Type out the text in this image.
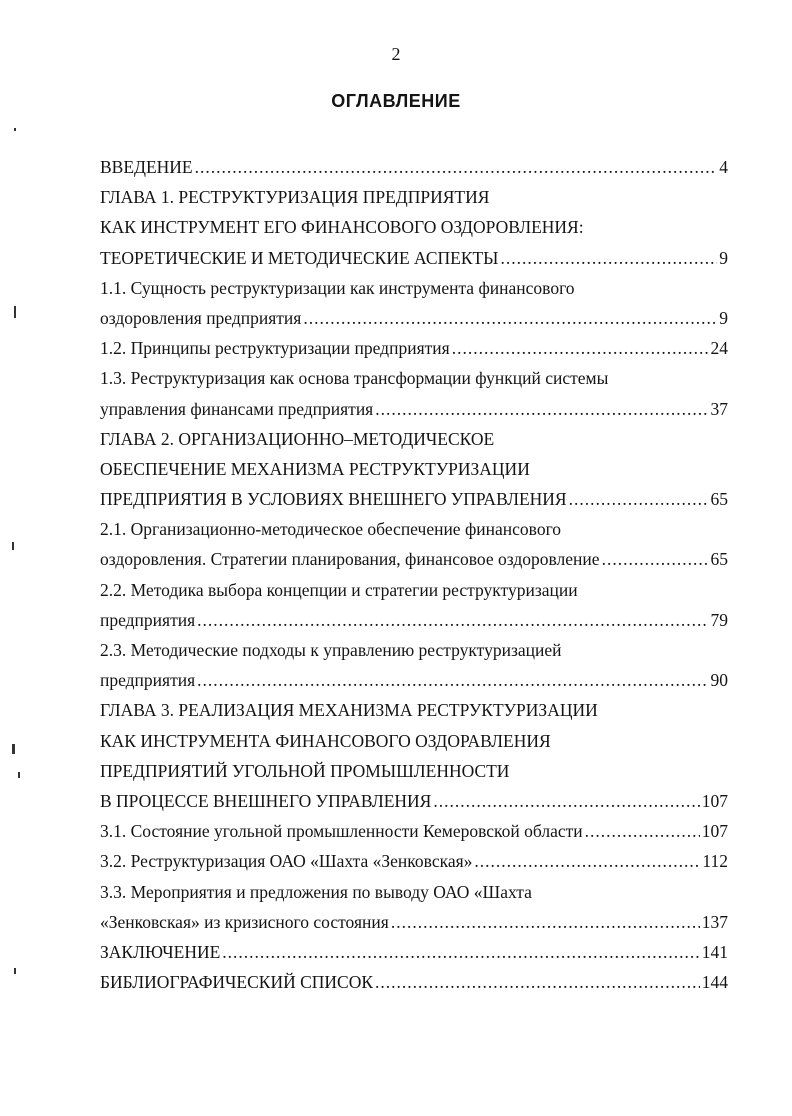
2
ОГЛАВЛЕНИЕ
ВВЕДЕНИЕ .....	4
ГЛАВА 1. РЕСТРУКТУРИЗАЦИЯ ПРЕДПРИЯТИЯ
КАК ИНСТРУМЕНТ ЕГО ФИНАНСОВОГО ОЗДОРОВЛЕНИЯ:
ТЕОРЕТИЧЕСКИЕ И МЕТОДИЧЕСКИЕ АСПЕКТЫ .....	9
1.1. Сущность реструктуризации как инструмента финансового
оздоровления предприятия .....	9
1.2. Принципы реструктуризации предприятия .....	24
1.3. Реструктуризация как основа трансформации функций системы
управления финансами предприятия .....	37
ГЛАВА 2. ОРГАНИЗАЦИОННО–МЕТОДИЧЕСКОЕ
ОБЕСПЕЧЕНИЕ МЕХАНИЗМА РЕСТРУКТУРИЗАЦИИ
ПРЕДПРИЯТИЯ В УСЛОВИЯХ ВНЕШНЕГО УПРАВЛЕНИЯ .....	65
2.1. Организационно-методическое обеспечение финансового
оздоровления. Стратегии планирования, финансовое оздоровление .....	65
2.2. Методика выбора концепции и стратегии реструктуризации
предприятия .....	79
2.3. Методические подходы к управлению реструктуризацией
предприятия .....	90
ГЛАВА 3. РЕАЛИЗАЦИЯ МЕХАНИЗМА РЕСТРУКТУРИЗАЦИИ
КАК ИНСТРУМЕНТА ФИНАНСОВОГО ОЗДОРАВЛЕНИЯ
ПРЕДПРИЯТИЙ УГОЛЬНОЙ ПРОМЫШЛЕННОСТИ
В ПРОЦЕССЕ ВНЕШНЕГО УПРАВЛЕНИЯ .....	107
3.1. Состояние угольной промышленности Кемеровской области .....	107
3.2. Реструктуризация ОАО «Шахта «Зенковская» .....	112
3.3. Мероприятия и предложения по выводу ОАО «Шахта
«Зенковская» из кризисного состояния .....	137
ЗАКЛЮЧЕНИЕ .....	141
БИБЛИОГРАФИЧЕСКИЙ СПИСОК .....	144
